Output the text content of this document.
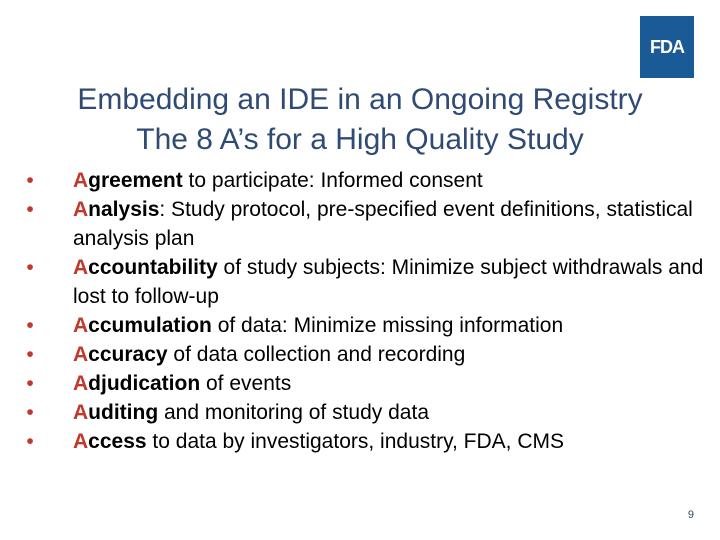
FDA
Embedding an IDE in an Ongoing Registry
The 8 A’s for a High Quality Study
•	Agreement to participate: Informed consent
•	Analysis: Study protocol, pre-specified event definitions, statistical analysis plan
•	Accountability of study subjects: Minimize subject withdrawals and lost to follow-up
•	Accumulation of data: Minimize missing information
•	Accuracy of data collection and recording
•	Adjudication of events
•	Auditing and monitoring of study data
•	Access to data by investigators, industry, FDA, CMS
9
